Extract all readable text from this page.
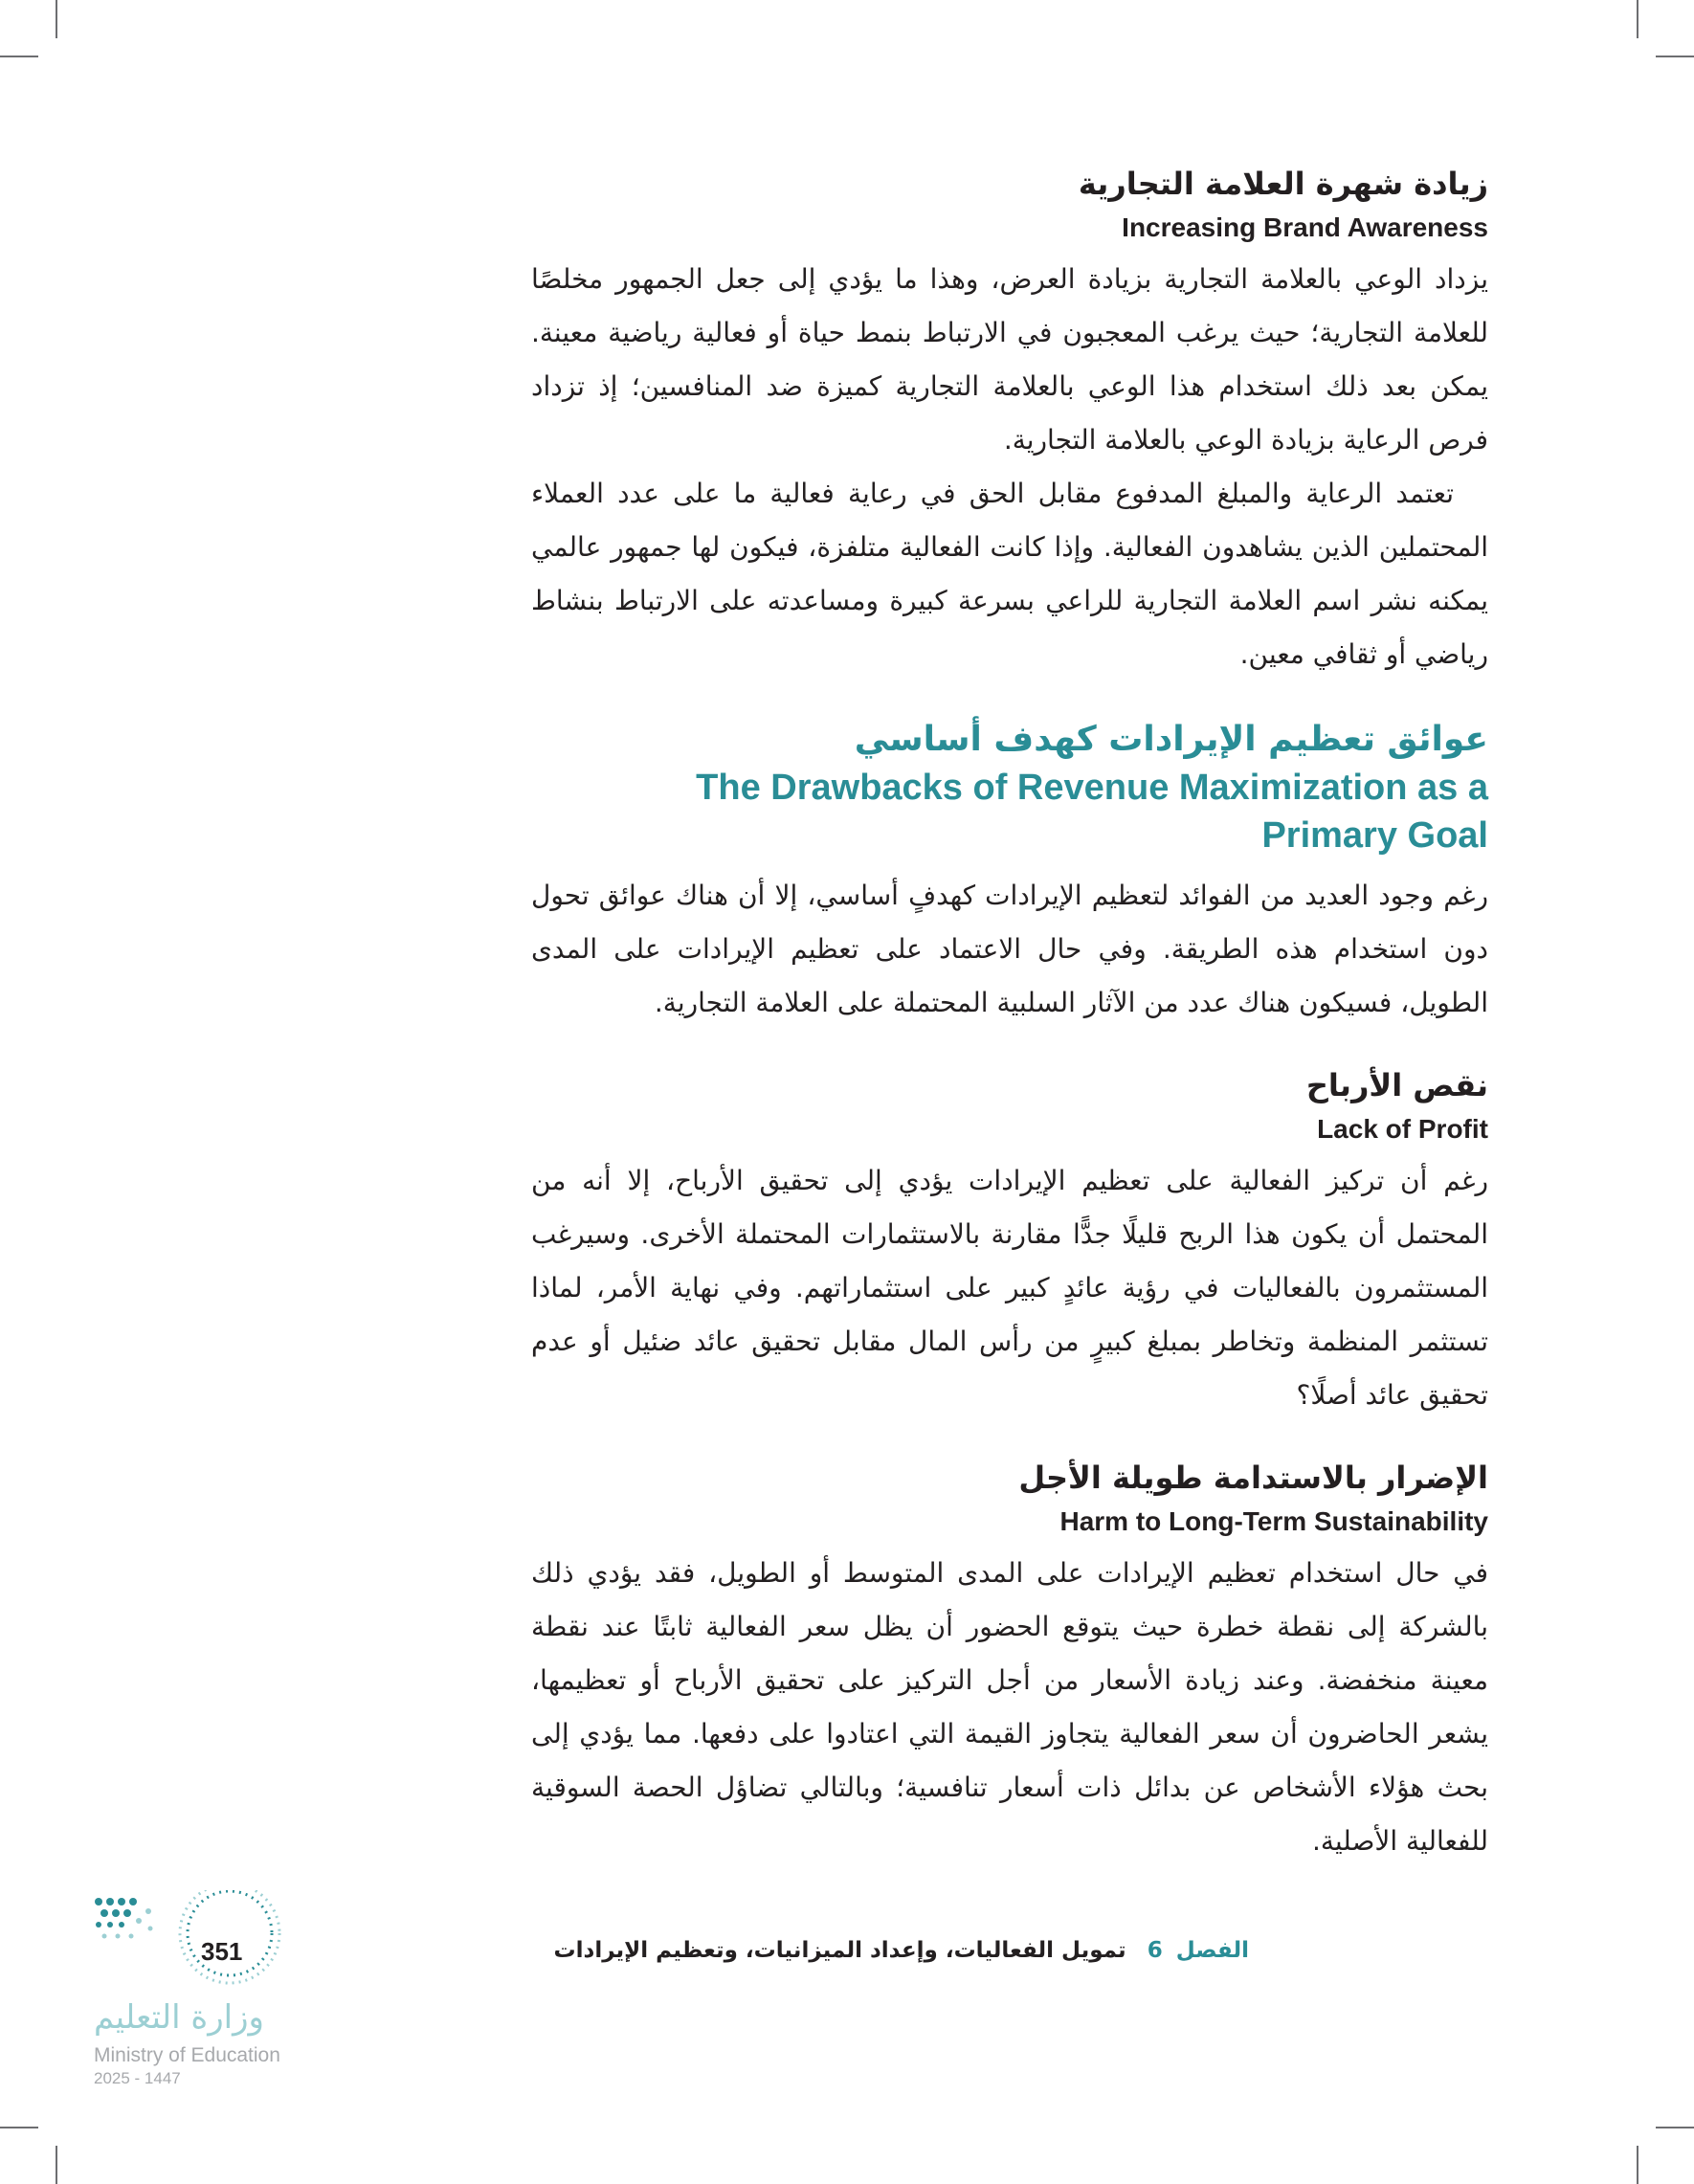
زيادة شهرة العلامة التجارية
Increasing Brand Awareness

يزداد الوعي بالعلامة التجارية بزيادة العرض، وهذا ما يؤدي إلى جعل الجمهور مخلصًا للعلامة التجارية؛ حيث يرغب المعجبون في الارتباط بنمط حياة أو فعالية رياضية معينة. يمكن بعد ذلك استخدام هذا الوعي بالعلامة التجارية كميزة ضد المنافسين؛ إذ تزداد فرص الرعاية بزيادة الوعي بالعلامة التجارية.

تعتمد الرعاية والمبلغ المدفوع مقابل الحق في رعاية فعالية ما على عدد العملاء المحتملين الذين يشاهدون الفعالية. وإذا كانت الفعالية متلفزة، فيكون لها جمهور عالمي يمكنه نشر اسم العلامة التجارية للراعي بسرعة كبيرة ومساعدته على الارتباط بنشاط رياضي أو ثقافي معين.

عوائق تعظيم الإيرادات كهدف أساسي
The Drawbacks of Revenue Maximization as a
Primary Goal

رغم وجود العديد من الفوائد لتعظيم الإيرادات كهدفٍ أساسي، إلا أن هناك عوائق تحول دون استخدام هذه الطريقة. وفي حال الاعتماد على تعظيم الإيرادات على المدى الطويل، فسيكون هناك عدد من الآثار السلبية المحتملة على العلامة التجارية.

نقص الأرباح
Lack of Profit

رغم أن تركيز الفعالية على تعظيم الإيرادات يؤدي إلى تحقيق الأرباح، إلا أنه من المحتمل أن يكون هذا الربح قليلًا جدًّا مقارنة بالاستثمارات المحتملة الأخرى. وسيرغب المستثمرون بالفعاليات في رؤية عائدٍ كبير على استثماراتهم. وفي نهاية الأمر، لماذا تستثمر المنظمة وتخاطر بمبلغ كبيرٍ من رأس المال مقابل تحقيق عائد ضئيل أو عدم تحقيق عائد أصلًا؟

الإضرار بالاستدامة طويلة الأجل
Harm to Long-Term Sustainability

في حال استخدام تعظيم الإيرادات على المدى المتوسط أو الطويل، فقد يؤدي ذلك بالشركة إلى نقطة خطرة حيث يتوقع الحضور أن يظل سعر الفعالية ثابتًا عند نقطة معينة منخفضة. وعند زيادة الأسعار من أجل التركيز على تحقيق الأرباح أو تعظيمها، يشعر الحاضرون أن سعر الفعالية يتجاوز القيمة التي اعتادوا على دفعها. مما يؤدي إلى بحث هؤلاء الأشخاص عن بدائل ذات أسعار تنافسية؛ وبالتالي تضاؤل الحصة السوقية للفعالية الأصلية.

الفصل6تمويل الفعاليات، وإعداد الميزانيات، وتعظيم الإيرادات
351
وزارة التعليم
Ministry of Education
2025 - 1447
